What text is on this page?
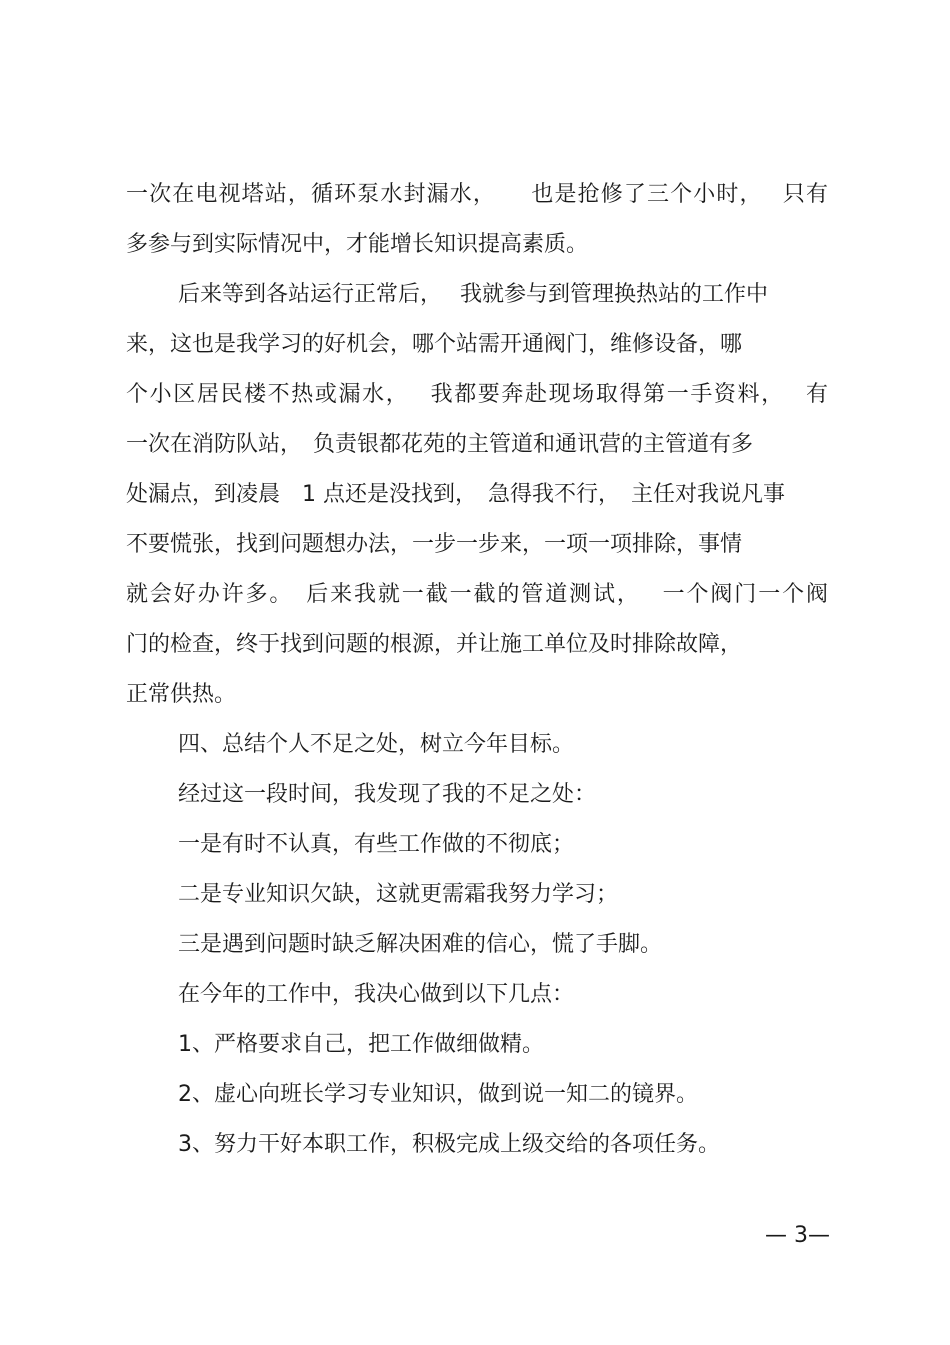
一次在电视塔站，循环泵水封漏水，　　也是抢修了三个小时，　 只有
多参与到实际情况中，才能增长知识提高素质。
后来等到各站运行正常后，　 我就参与到管理换热站的工作中
来，这也是我学习的好机会，哪个站需开通阀门，维修设备，哪
个小区居民楼不热或漏水，　 我都要奔赴现场取得第一手资料，　 有
一次在消防队站，　负责银都花苑的主管道和通讯营的主管道有多
处漏点，到凌晨　1 点还是没找到，　急得我不行，　主任对我说凡事
不要慌张，找到问题想办法，一步一步来，一项一项排除，事情
就会好办许多。　后来我就一截一截的管道测试，　 一个阀门一个阀
门的检查，终于找到问题的根源，并让施工单位及时排除故障，
正常供热。
四、总结个人不足之处，树立今年目标。
经过这一段时间，我发现了我的不足之处：
一是有时不认真，有些工作做的不彻底；
二是专业知识欠缺，这就更需霜我努力学习；
三是遇到问题时缺乏解决困难的信心，慌了手脚。
在今年的工作中，我决心做到以下几点：
1、严格要求自己，把工作做细做精。
2、虚心向班长学习专业知识，做到说一知二的镜界。
3、努力干好本职工作，积极完成上级交给的各项任务。
— 3—
